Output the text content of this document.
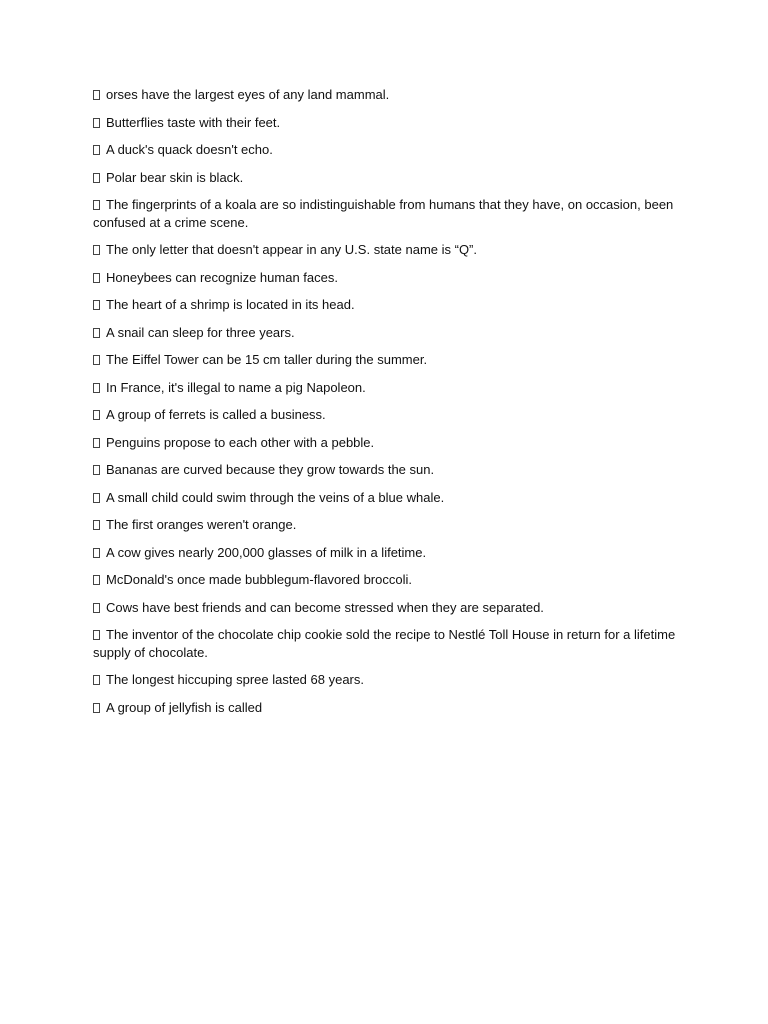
orses have the largest eyes of any land mammal.
Butterflies taste with their feet.
A duck's quack doesn't echo.
Polar bear skin is black.
The fingerprints of a koala are so indistinguishable from humans that they have, on occasion, been confused at a crime scene.
The only letter that doesn't appear in any U.S. state name is “Q”.
Honeybees can recognize human faces.
The heart of a shrimp is located in its head.
A snail can sleep for three years.
The Eiffel Tower can be 15 cm taller during the summer.
In France, it's illegal to name a pig Napoleon.
A group of ferrets is called a business.
Penguins propose to each other with a pebble.
Bananas are curved because they grow towards the sun.
A small child could swim through the veins of a blue whale.
The first oranges weren't orange.
A cow gives nearly 200,000 glasses of milk in a lifetime.
McDonald's once made bubblegum-flavored broccoli.
Cows have best friends and can become stressed when they are separated.
The inventor of the chocolate chip cookie sold the recipe to Nestlé Toll House in return for a lifetime supply of chocolate.
The longest hiccuping spree lasted 68 years.
A group of jellyfish is called
